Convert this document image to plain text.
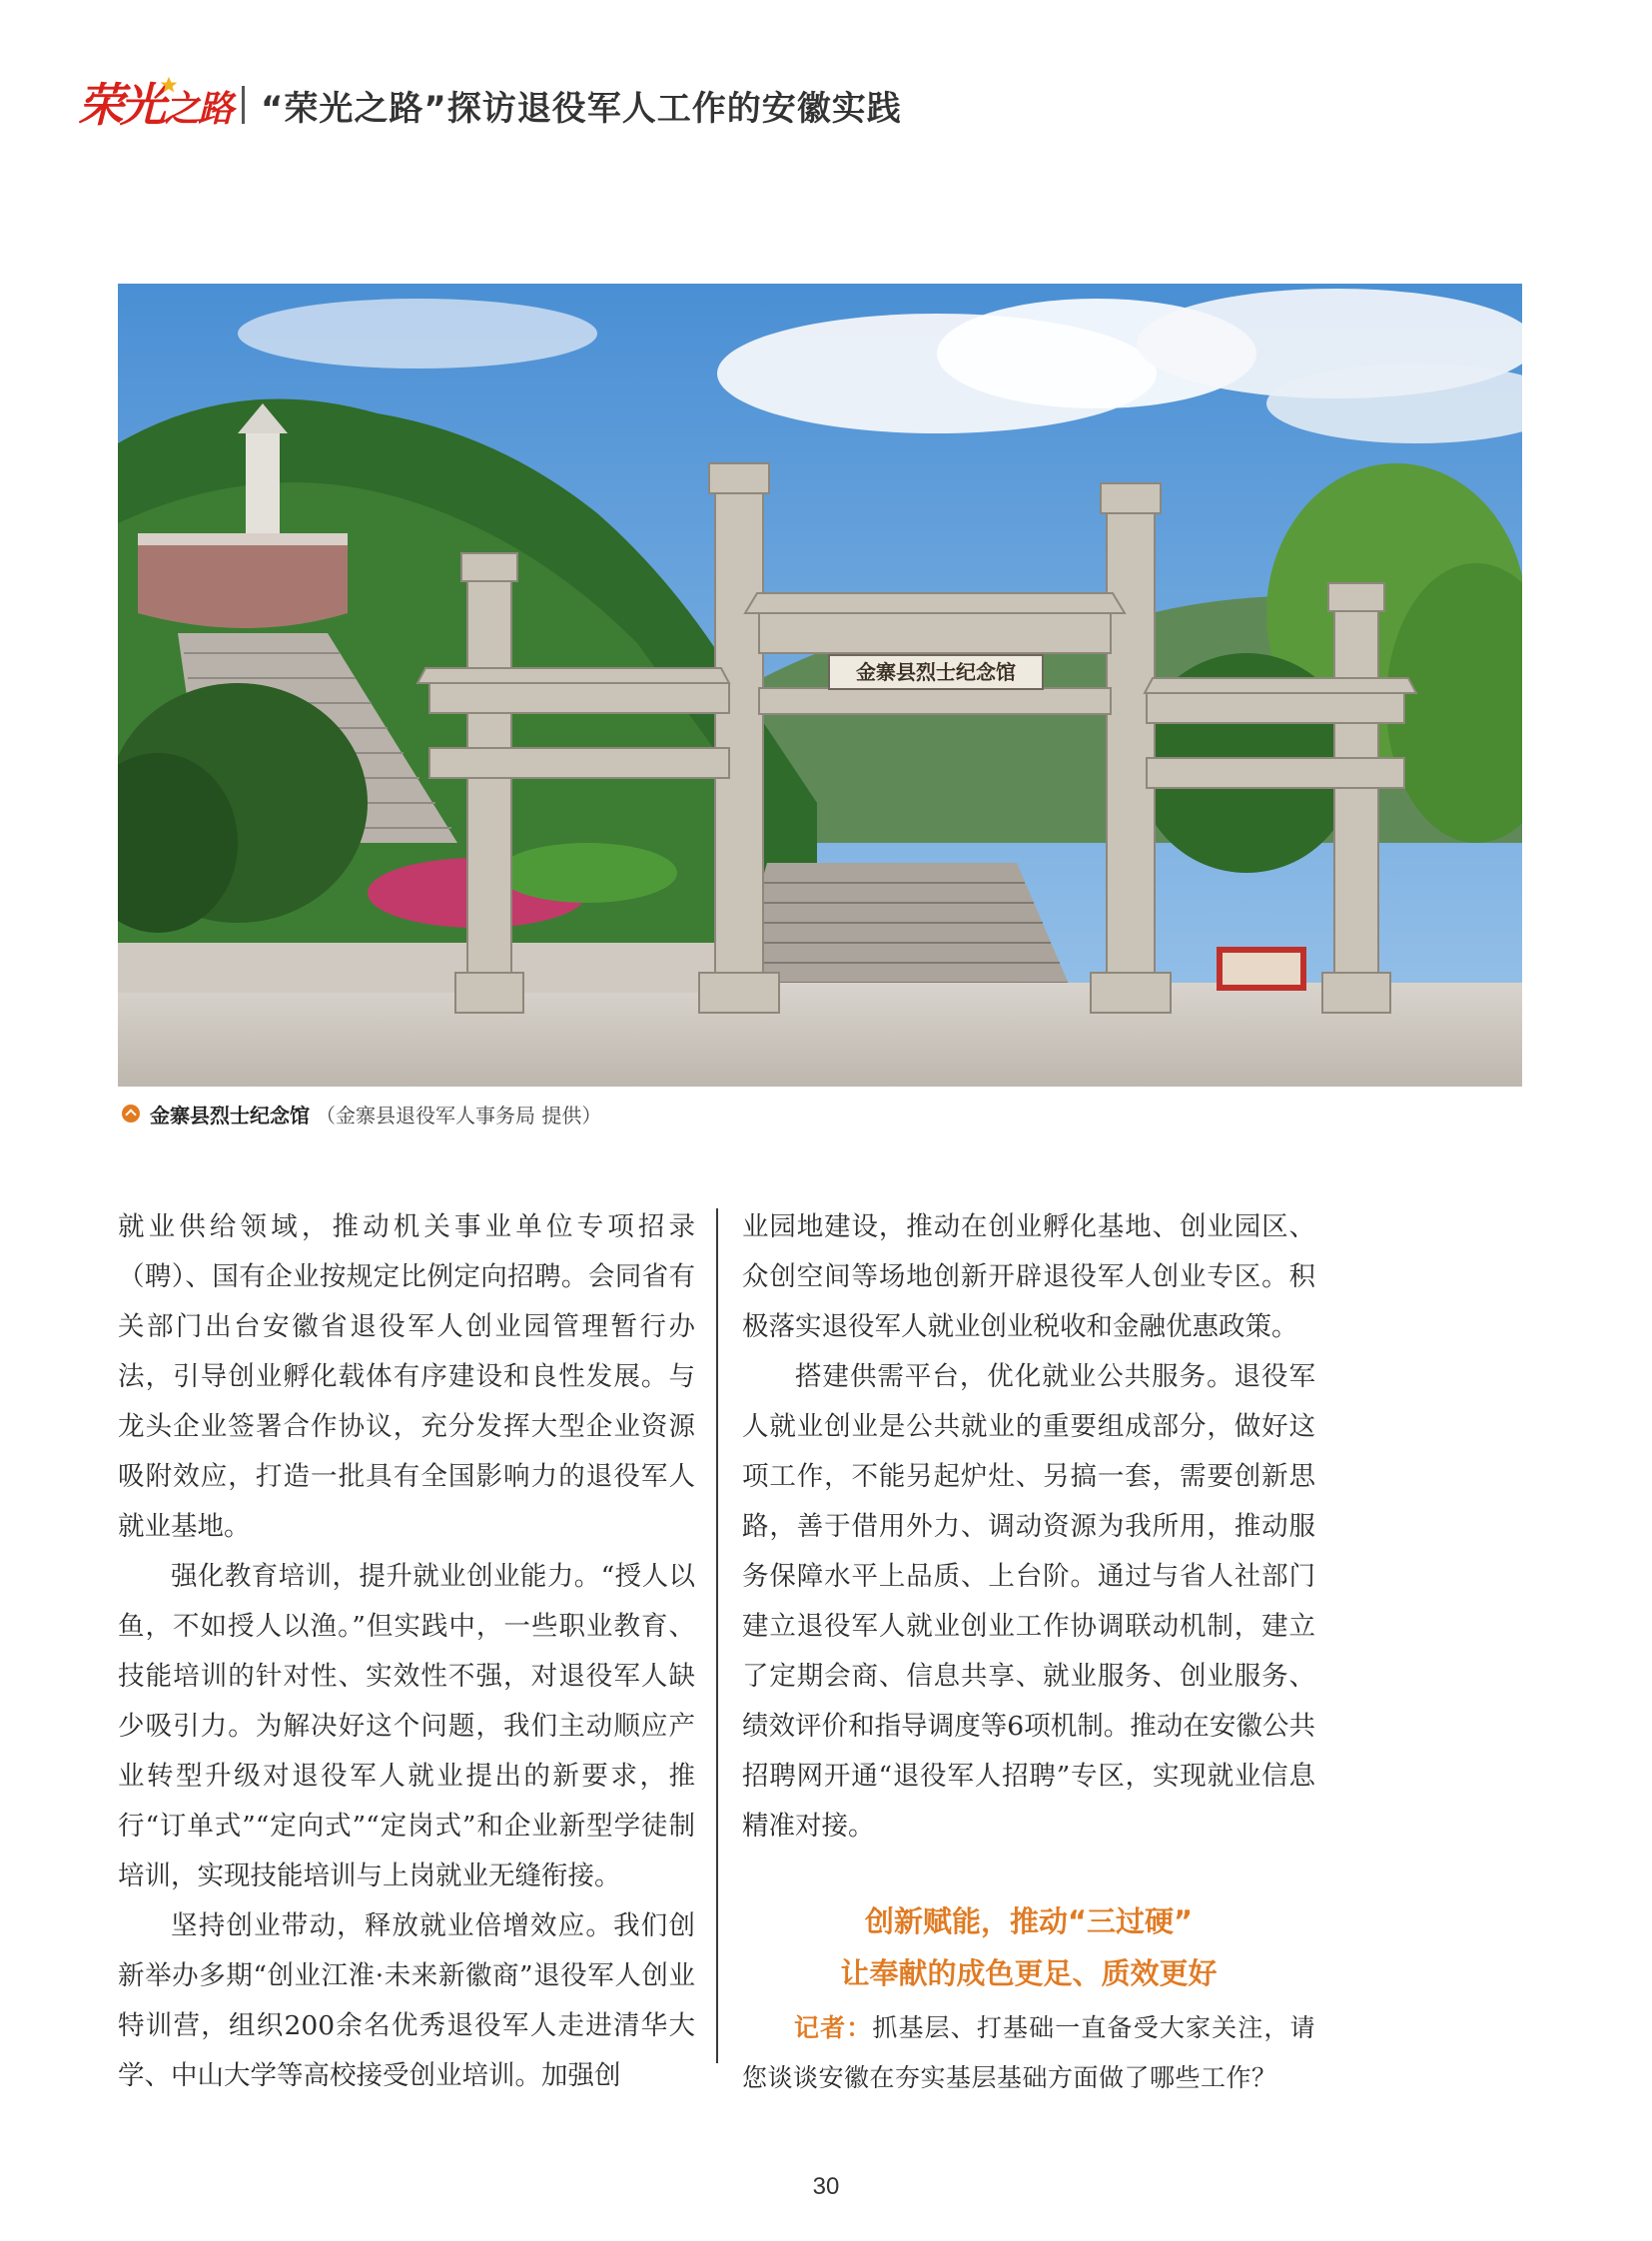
荣光 之路 “荣光之路”探访退役军人工作的安徽实践
金寨县烈士纪念馆
金寨县烈士纪念馆 （金寨县退役军人事务局 提供）

就业供给领域，推动机关事业单位专项招录（聘）、国有企业按规定比例定向招聘。会同省有关部门出台安徽省退役军人创业园管理暂行办法，引导创业孵化载体有序建设和良性发展。与龙头企业签署合作协议，充分发挥大型企业资源吸附效应，打造一批具有全国影响力的退役军人就业基地。

强化教育培训，提升就业创业能力。“授人以鱼，不如授人以渔。”但实践中，一些职业教育、技能培训的针对性、实效性不强，对退役军人缺少吸引力。为解决好这个问题，我们主动顺应产业转型升级对退役军人就业提出的新要求，推行“订单式”“定向式”“定岗式”和企业新型学徒制培训，实现技能培训与上岗就业无缝衔接。

坚持创业带动，释放就业倍增效应。我们创新举办多期“创业江淮·未来新徽商”退役军人创业特训营，组织200余名优秀退役军人走进清华大学、中山大学等高校接受创业培训。加强创

业园地建设，推动在创业孵化基地、创业园区、众创空间等场地创新开辟退役军人创业专区。积极落实退役军人就业创业税收和金融优惠政策。

搭建供需平台，优化就业公共服务。退役军人就业创业是公共就业的重要组成部分，做好这项工作，不能另起炉灶、另搞一套，需要创新思路，善于借用外力、调动资源为我所用，推动服务保障水平上品质、上台阶。通过与省人社部门建立退役军人就业创业工作协调联动机制，建立了定期会商、信息共享、就业服务、创业服务、绩效评价和指导调度等6项机制。推动在安徽公共招聘网开通“退役军人招聘”专区，实现就业信息精准对接。

创新赋能，推动“三过硬”
让奉献的成色更足、质效更好
记者：抓基层、打基础一直备受大家关注，请您谈谈安徽在夯实基层基础方面做了哪些工作？
30
